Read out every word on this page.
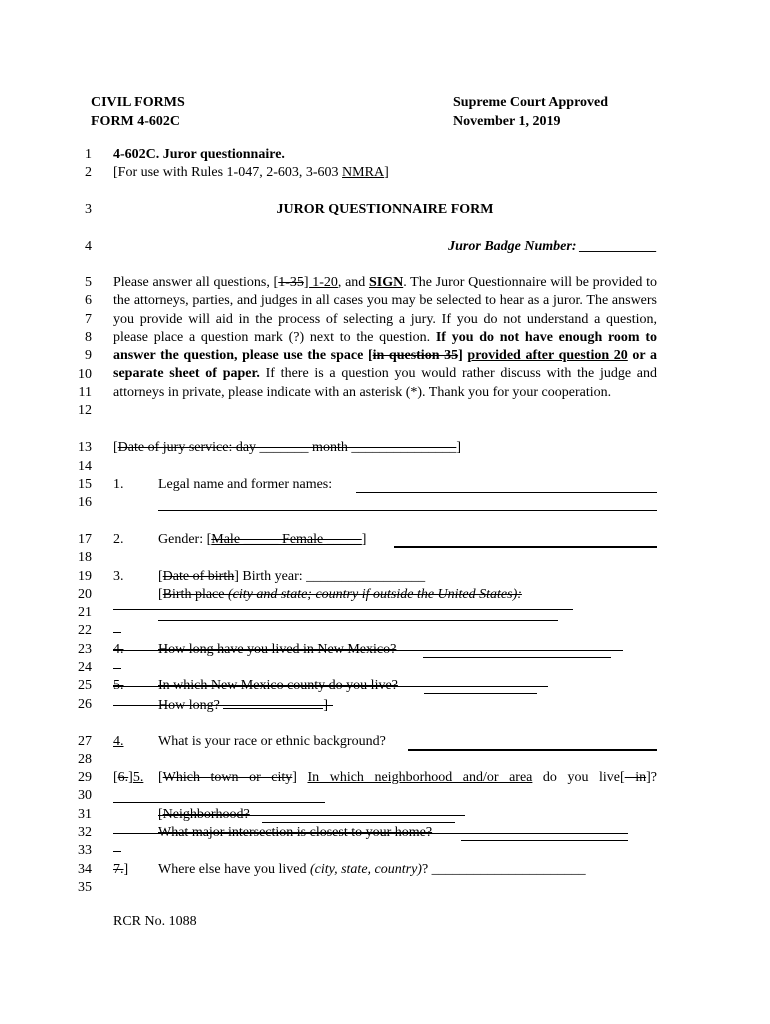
CIVIL FORMS
FORM 4-602C
Supreme Court Approved
November 1, 2019
1
2
3
4
5
6
7
8
9
10
11
12
13
14
15
16
17
18
19
20
21
22
23
24
25
26
27
28
29
30
31
32
33
34
35
4-602C. Juror questionnaire.
[For use with Rules 1-047, 2-603, 3-603 NMRA]
JUROR QUESTIONNAIRE FORM
Juror Badge Number: ___________
Please answer all questions, [1-35] 1-20, and SIGN. The Juror Questionnaire will be provided to the attorneys, parties, and judges in all cases you may be selected to hear as a juror. The answers you provide will aid in the process of selecting a jury. If you do not understand a question, please place a question mark (?) next to the question. If you do not have enough room to answer the question, please use the space [in question 35] provided after question 20 or a separate sheet of paper. If there is a question you would rather discuss with the judge and attorneys in private, please indicate with an asterisk (*). Thank you for your cooperation.
[Date of jury service: day _______ month _______________]
1. Legal name and former names:
2. Gender: [Male _____ Female _____]
3. [Date of birth] Birth year: _________________
[Birth place (city and state; country if outside the United States):
4. How long have you lived in New Mexico?
5. In which New Mexico county do you live?
How long?	]
4. What is your race or ethnic background?
[6.]5. [Which town or city] In which neighborhood and/or area do you live[ in]?
[Neighborhood?
What major intersection is closest to your home?
7.] Where else have you lived (city, state, country)? ______________________
RCR No. 1088
